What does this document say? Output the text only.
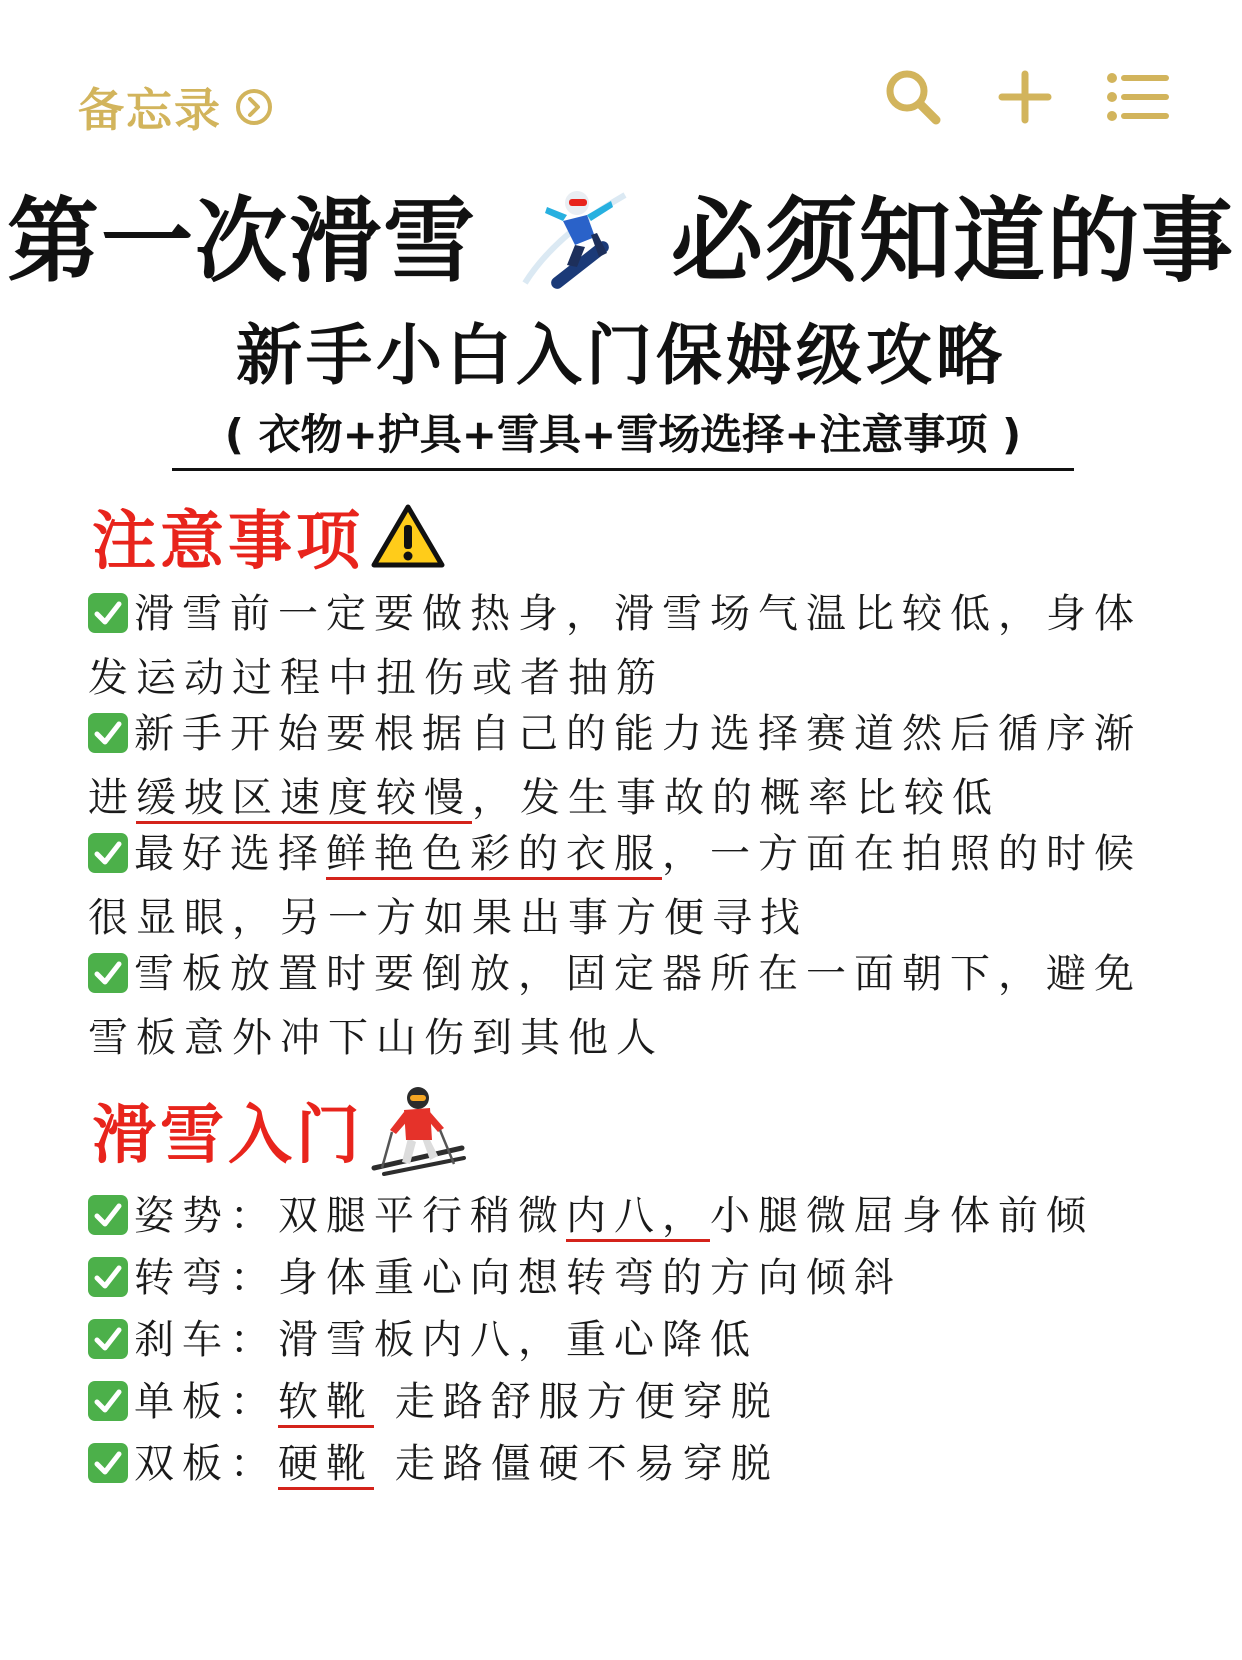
备忘录
第一次滑雪 必须知道的事
新手小白入门保姆级攻略
( 衣物+护具+雪具+雪场选择+注意事项 )
注意事项
滑雪前一定要做热身，滑雪场气温比较低，身体
发运动过程中扭伤或者抽筋
新手开始要根据自己的能力选择赛道然后循序渐
进缓坡区速度较慢，发生事故的概率比较低
最好选择鲜艳色彩的衣服，一方面在拍照的时候
很显眼，另一方如果出事方便寻找
雪板放置时要倒放，固定器所在一面朝下，避免
雪板意外冲下山伤到其他人
滑雪入门
姿势：双腿平行稍微内八，小腿微屈身体前倾
转弯：身体重心向想转弯的方向倾斜
刹车：滑雪板内八，重心降低
单板：软靴 走路舒服方便穿脱
双板：硬靴 走路僵硬不易穿脱
